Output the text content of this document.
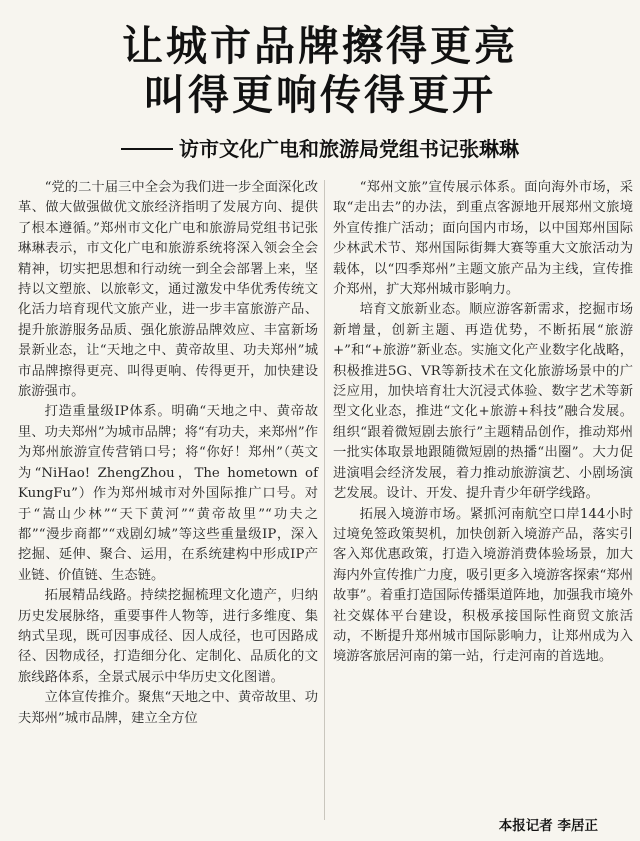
让城市品牌擦得更亮
叫得更响传得更开
访市文化广电和旅游局党组书记张琳琳

“党的二十届三中全会为我们进一步全面深化改革、做大做强做优文旅经济指明了发展方向、提供了根本遵循。”郑州市文化广电和旅游局党组书记张琳琳表示，市文化广电和旅游系统将深入领会全会精神，切实把思想和行动统一到全会部署上来，坚持以文塑旅、以旅彰文，通过激发中华优秀传统文化活力培育现代文旅产业，进一步丰富旅游产品、提升旅游服务品质、强化旅游品牌效应、丰富新场景新业态，让“天地之中、黄帝故里、功夫郑州”城市品牌擦得更亮、叫得更响、传得更开，加快建设旅游强市。

打造重量级IP体系。明确“天地之中、黄帝故里、功夫郑州”为城市品牌；将“有功夫，来郑州”作为郑州旅游宣传营销口号；将“你好！郑州”（英文为“NiHao! ZhengZhou，The hometown of KungFu”）作为郑州城市对外国际推广口号。对于“嵩山少林”“天下黄河”“黄帝故里”“功夫之都”“漫步商都”“戏剧幻城”等这些重量级IP，深入挖掘、延伸、聚合、运用，在系统建构中形成IP产业链、价值链、生态链。

拓展精品线路。持续挖掘梳理文化遗产，归纳历史发展脉络，重要事件人物等，进行多维度、集纳式呈现，既可因事成径、因人成径，也可因路成径、因物成径，打造细分化、定制化、品质化的文旅线路体系，全景式展示中华历史文化图谱。

立体宣传推介。聚焦“天地之中、黄帝故里、功夫郑州”城市品牌，建立全方位

“郑州文旅”宣传展示体系。面向海外市场，采取“走出去”的办法，到重点客源地开展郑州文旅境外宣传推广活动；面向国内市场，以中国郑州国际少林武术节、郑州国际街舞大赛等重大文旅活动为载体，以“四季郑州”主题文旅产品为主线，宣传推介郑州，扩大郑州城市影响力。

培育文旅新业态。顺应游客新需求，挖掘市场新增量，创新主题、再造优势，不断拓展“旅游+”和“+旅游”新业态。实施文化产业数字化战略，积极推进5G、VR等新技术在文化旅游场景中的广泛应用，加快培育壮大沉浸式体验、数字艺术等新型文化业态，推进“文化+旅游+科技”融合发展。组织“跟着微短剧去旅行”主题精品创作，推动郑州一批实体取景地跟随微短剧的热播“出圈”。大力促进演唱会经济发展，着力推动旅游演艺、小剧场演艺发展。设计、开发、提升青少年研学线路。

拓展入境游市场。紧抓河南航空口岸144小时过境免签政策契机，加快创新入境游产品，落实引客入郑优惠政策，打造入境游消费体验场景，加大海内外宣传推广力度，吸引更多入境游客探索“郑州故事”。着重打造国际传播渠道阵地，加强我市境外社交媒体平台建设，积极承接国际性商贸文旅活动，不断提升郑州城市国际影响力，让郑州成为入境游客旅居河南的第一站，行走河南的首选地。

本报记者 李居正
